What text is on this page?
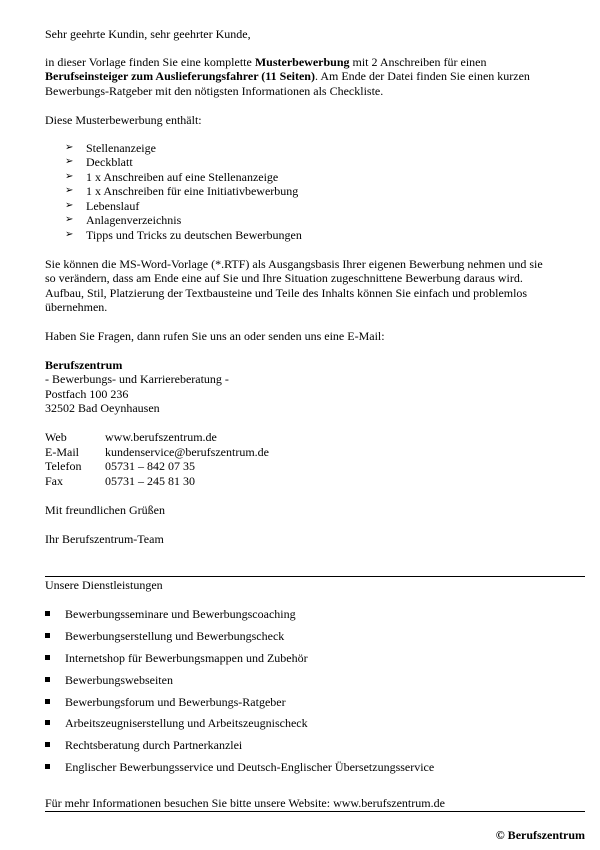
Sehr geehrte Kundin, sehr geehrter Kunde,
in dieser Vorlage finden Sie eine komplette Musterbewerbung mit 2 Anschreiben für einen
Berufseinsteiger zum Auslieferungsfahrer (11 Seiten). Am Ende der Datei finden Sie einen kurzen
Bewerbungs-Ratgeber mit den nötigsten Informationen als Checkliste.
Diese Musterbewerbung enthält:
➢ Stellenanzeige
➢ Deckblatt
➢ 1 x Anschreiben auf eine Stellenanzeige
➢ 1 x Anschreiben für eine Initiativbewerbung
➢ Lebenslauf
➢ Anlagenverzeichnis
➢ Tipps und Tricks zu deutschen Bewerbungen
Sie können die MS-Word-Vorlage (*.RTF) als Ausgangsbasis Ihrer eigenen Bewerbung nehmen und sie
so verändern, dass am Ende eine auf Sie und Ihre Situation zugeschnittene Bewerbung daraus wird.
Aufbau, Stil, Platzierung der Textbausteine und Teile des Inhalts können Sie einfach und problemlos
übernehmen.
Haben Sie Fragen, dann rufen Sie uns an oder senden uns eine E-Mail:
Berufszentrum
- Bewerbungs- und Karriereberatung -
Postfach 100 236
32502 Bad Oeynhausen
Web	www.berufszentrum.de
E-Mail kundenservice@berufszentrum.de
Telefon 05731 – 842 07 35
Fax	05731 – 245 81 30
Mit freundlichen Grüßen
Ihr Berufszentrum-Team
Unsere Dienstleistungen
Bewerbungsseminare und Bewerbungscoaching
Bewerbungserstellung und Bewerbungscheck
Internetshop für Bewerbungsmappen und Zubehör
Bewerbungswebseiten
Bewerbungsforum und Bewerbungs-Ratgeber
Arbeitszeugniserstellung und Arbeitszeugnischeck
Rechtsberatung durch Partnerkanzlei
Englischer Bewerbungsservice und Deutsch-Englischer Übersetzungsservice
Für mehr Informationen besuchen Sie bitte unsere Website: www.berufszentrum.de
© Berufszentrum
